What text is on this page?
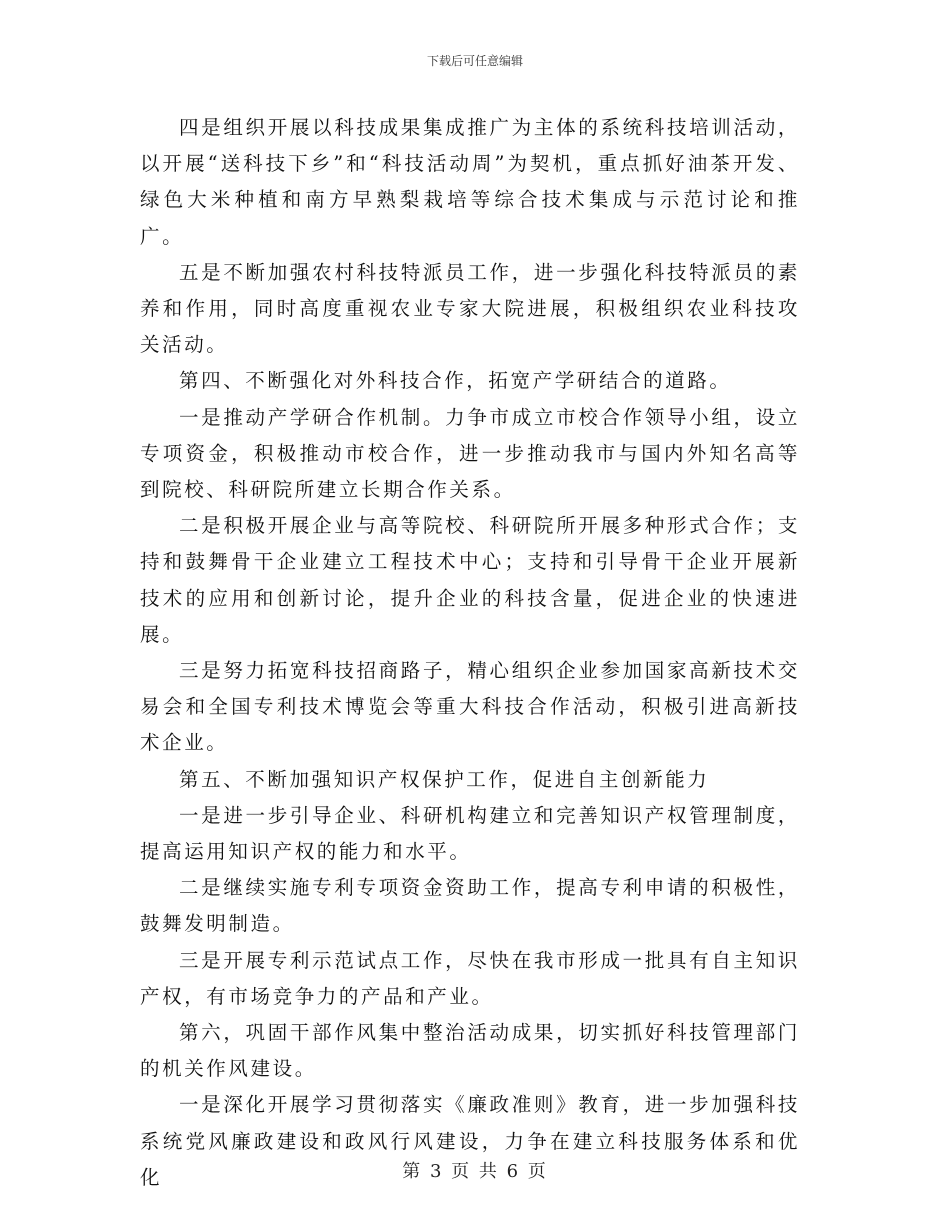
下载后可任意编辑

四是组织开展以科技成果集成推广为主体的系统科技培训活动，以开展“送科技下乡”和“科技活动周”为契机，重点抓好油茶开发、绿色大米种植和南方早熟梨栽培等综合技术集成与示范讨论和推广。

五是不断加强农村科技特派员工作，进一步强化科技特派员的素养和作用，同时高度重视农业专家大院进展，积极组织农业科技攻关活动。

第四、不断强化对外科技合作，拓宽产学研结合的道路。

一是推动产学研合作机制。力争市成立市校合作领导小组，设立专项资金，积极推动市校合作，进一步推动我市与国内外知名高等到院校、科研院所建立长期合作关系。

二是积极开展企业与高等院校、科研院所开展多种形式合作；支持和鼓舞骨干企业建立工程技术中心；支持和引导骨干企业开展新技术的应用和创新讨论，提升企业的科技含量，促进企业的快速进展。

三是努力拓宽科技招商路子，精心组织企业参加国家高新技术交易会和全国专利技术博览会等重大科技合作活动，积极引进高新技术企业。

第五、不断加强知识产权保护工作，促进自主创新能力

一是进一步引导企业、科研机构建立和完善知识产权管理制度，提高运用知识产权的能力和水平。

二是继续实施专利专项资金资助工作，提高专利申请的积极性，鼓舞发明制造。

三是开展专利示范试点工作，尽快在我市形成一批具有自主知识产权，有市场竞争力的产品和产业。

第六，巩固干部作风集中整治活动成果，切实抓好科技管理部门的机关作风建设。

一是深化开展学习贯彻落实《廉政准则》教育，进一步加强科技系统党风廉政建设和政风行风建设，力争在建立科技服务体系和优化	第 3 页 共 6 页
